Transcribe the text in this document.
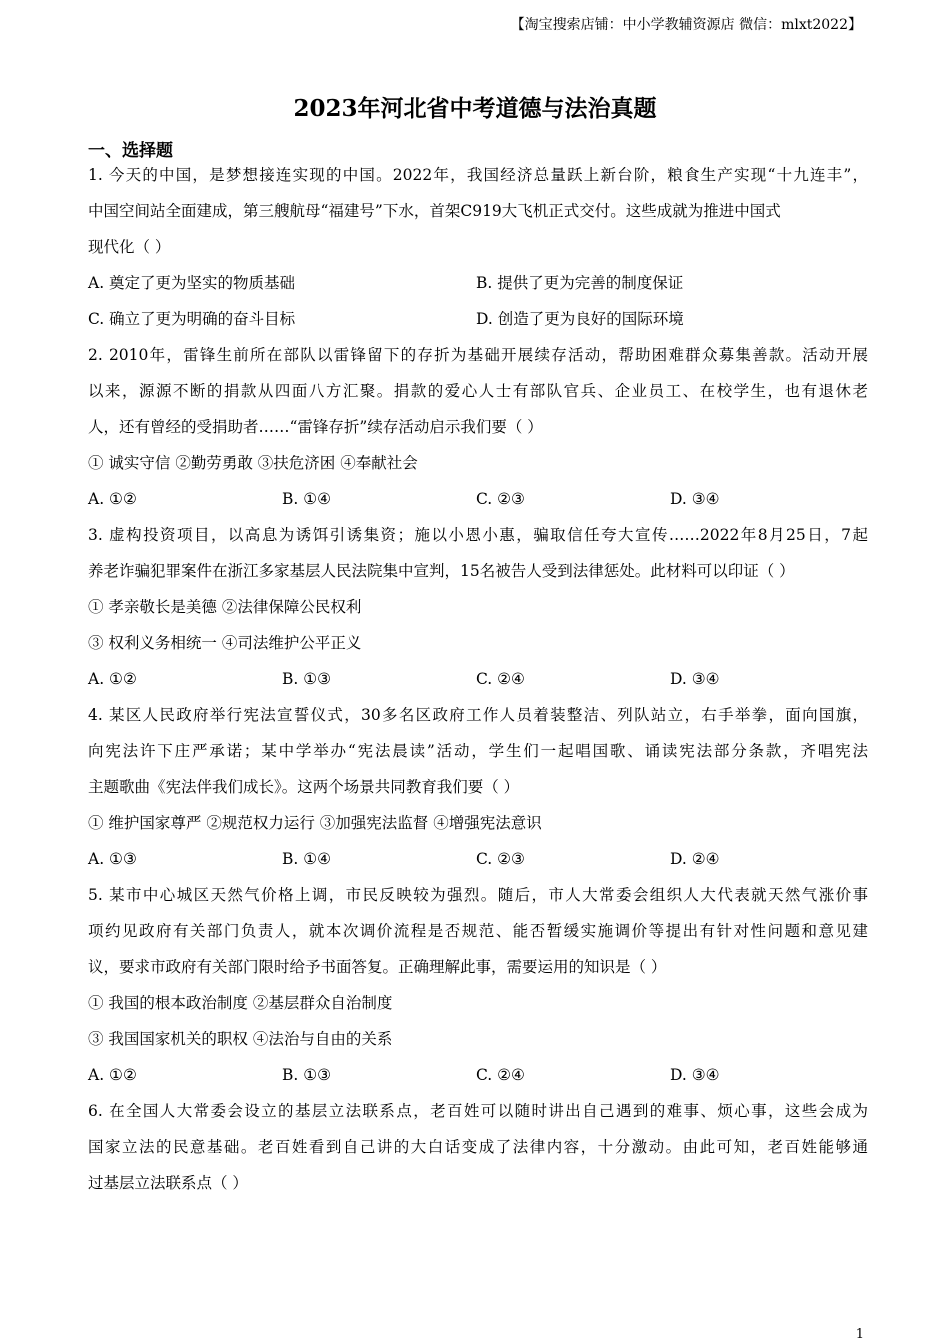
【淘宝搜索店铺：中小学教辅资源店 微信：mlxt2022】
2023年河北省中考道德与法治真题
一、选择题
1. 今天的中国，是梦想接连实现的中国。2022年，我国经济总量跃上新台阶，粮食生产实现“十九连丰”，
中国空间站全面建成，第三艘航母“福建号”下水，首架C919大飞机正式交付。这些成就为推进中国式
现代化（ ）
A. 奠定了更为坚实的物质基础	B. 提供了更为完善的制度保证
C. 确立了更为明确的奋斗目标	D. 创造了更为良好的国际环境
2. 2010年，雷锋生前所在部队以雷锋留下的存折为基础开展续存活动，帮助困难群众募集善款。活动开展
以来，源源不断的捐款从四面八方汇聚。捐款的爱心人士有部队官兵、企业员工、在校学生，也有退休老
人，还有曾经的受捐助者……“雷锋存折”续存活动启示我们要（ ）
① 诚实守信 ②勤劳勇敢 ③扶危济困 ④奉献社会
A. ①②	B. ①④	C. ②③	D. ③④
3. 虚构投资项目，以高息为诱饵引诱集资；施以小恩小惠，骗取信任夸大宣传……2022年8月25日，7起
养老诈骗犯罪案件在浙江多家基层人民法院集中宣判，15名被告人受到法律惩处。此材料可以印证（ ）
① 孝亲敬长是美德 ②法律保障公民权利
③ 权利义务相统一 ④司法维护公平正义
A. ①②	B. ①③	C. ②④	D. ③④
4. 某区人民政府举行宪法宣誓仪式，30多名区政府工作人员着装整洁、列队站立，右手举拳，面向国旗，
向宪法许下庄严承诺；某中学举办“宪法晨读”活动，学生们一起唱国歌、诵读宪法部分条款，齐唱宪法
主题歌曲《宪法伴我们成长》。这两个场景共同教育我们要（ ）
① 维护国家尊严 ②规范权力运行 ③加强宪法监督 ④增强宪法意识
A. ①③	B. ①④	C. ②③	D. ②④
5. 某市中心城区天然气价格上调，市民反映较为强烈。随后，市人大常委会组织人大代表就天然气涨价事
项约见政府有关部门负责人，就本次调价流程是否规范、能否暂缓实施调价等提出有针对性问题和意见建
议，要求市政府有关部门限时给予书面答复。正确理解此事，需要运用的知识是（ ）
① 我国的根本政治制度 ②基层群众自治制度
③ 我国国家机关的职权 ④法治与自由的关系
A. ①②	B. ①③	C. ②④	D. ③④
6. 在全国人大常委会设立的基层立法联系点，老百姓可以随时讲出自己遇到的难事、烦心事，这些会成为
国家立法的民意基础。老百姓看到自己讲的大白话变成了法律内容，十分激动。由此可知，老百姓能够通
过基层立法联系点（ ）
1
